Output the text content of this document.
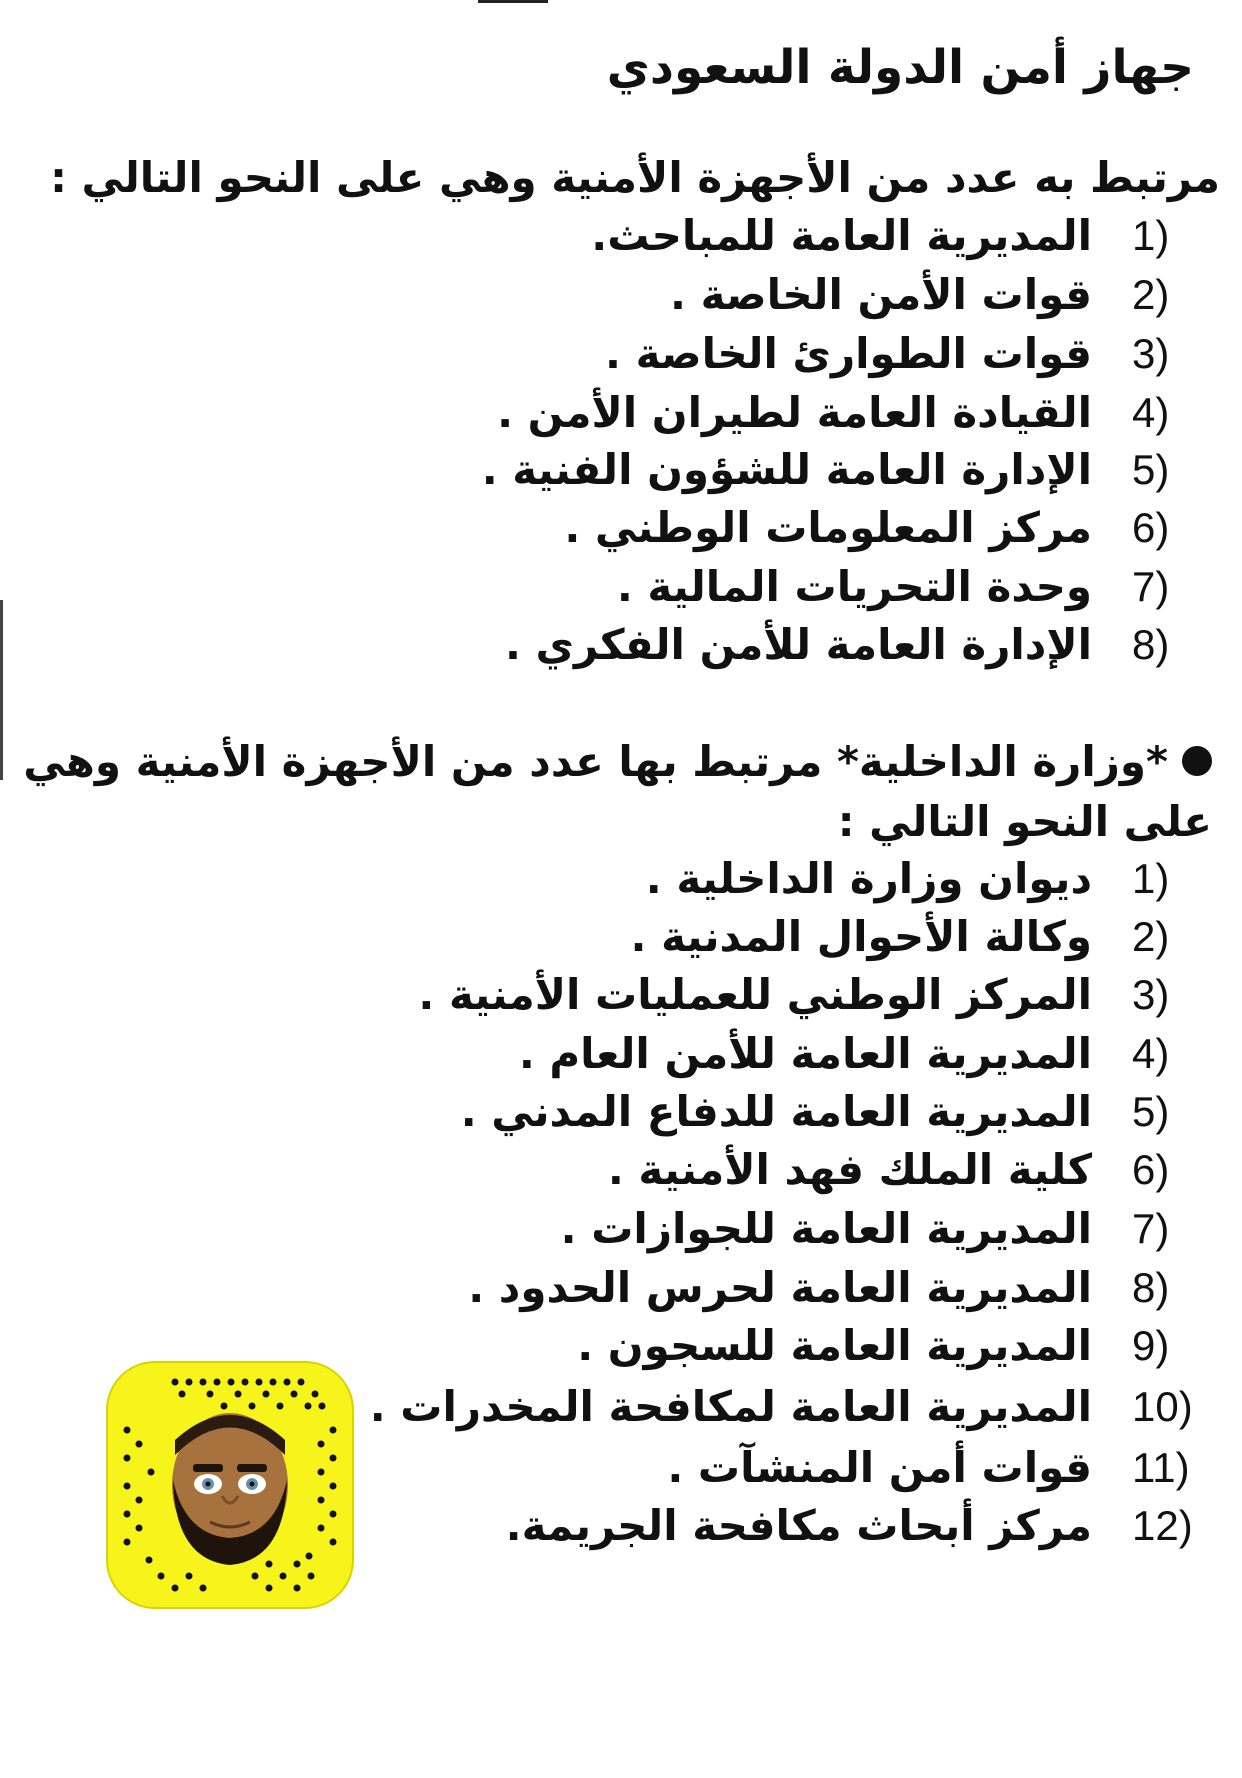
جهاز أمن الدولة السعودي
مرتبط به عدد من الأجهزة الأمنية وهي على النحو التالي :
(1المديرية العامة للمباحث.
(2قوات الأمن الخاصة .
(3قوات الطوارئ الخاصة .
(4القيادة العامة لطيران الأمن .
(5الإدارة العامة للشؤون الفنية .
(6مركز المعلومات الوطني .
(7وحدة التحريات المالية .
(8الإدارة العامة للأمن الفكري .
*وزارة الداخلية* مرتبط بها عدد من الأجهزة الأمنية وهي
على النحو التالي :
(1ديوان وزارة الداخلية .
(2وكالة الأحوال المدنية .
(3المركز الوطني للعمليات الأمنية .
(4المديرية العامة للأمن العام .
(5المديرية العامة للدفاع المدني .
(6كلية الملك فهد الأمنية .
(7المديرية العامة للجوازات .
(8المديرية العامة لحرس الحدود .
(9المديرية العامة للسجون .
(10المديرية العامة لمكافحة المخدرات .
(11قوات أمن المنشآت .
(12مركز أبحاث مكافحة الجريمة.
